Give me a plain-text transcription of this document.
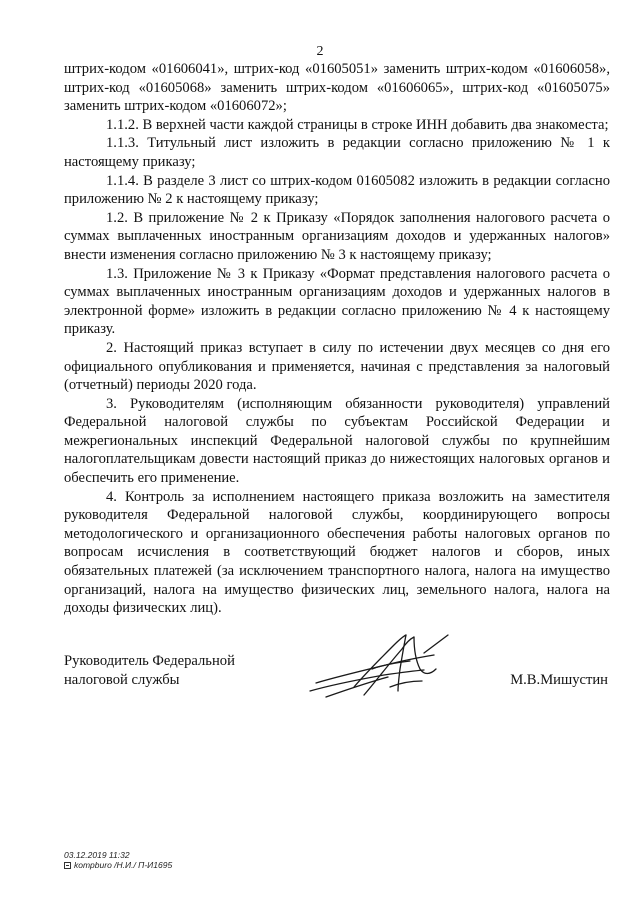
2

штрих-кодом «01606041», штрих-код «01605051» заменить штрих-кодом «01606058», штрих-код «01605068» заменить штрих-кодом «01606065», штрих-код «01605075» заменить штрих-кодом «01606072»;

1.1.2. В верхней части каждой страницы в строке ИНН добавить два знакоместа;

1.1.3. Титульный лист изложить в редакции согласно приложению № 1 к настоящему приказу;

1.1.4. В разделе 3 лист со штрих-кодом 01605082 изложить в редакции согласно приложению № 2 к настоящему приказу;

1.2. В приложение № 2 к Приказу «Порядок заполнения налогового расчета о суммах выплаченных иностранным организациям доходов и удержанных налогов» внести изменения согласно приложению № 3 к настоящему приказу;

1.3. Приложение № 3 к Приказу «Формат представления налогового расчета о суммах выплаченных иностранным организациям доходов и удержанных налогов в электронной форме» изложить в редакции согласно приложению № 4 к настоящему приказу.

2. Настоящий приказ вступает в силу по истечении двух месяцев со дня его официального опубликования и применяется, начиная с представления за налоговый (отчетный) периоды 2020 года.

3. Руководителям (исполняющим обязанности руководителя) управлений Федеральной налоговой службы по субъектам Российской Федерации и межрегиональных инспекций Федеральной налоговой службы по крупнейшим налогоплательщикам довести настоящий приказ до нижестоящих налоговых органов и обеспечить его применение.

4. Контроль за исполнением настоящего приказа возложить на заместителя руководителя Федеральной налоговой службы, координирующего вопросы методологического и организационного обеспечения работы налоговых органов по вопросам исчисления в соответствующий бюджет налогов и сборов, иных обязательных платежей (за исключением транспортного налога, налога на имущество организаций, налога на имущество физических лиц, земельного налога, налога на доходы физических лиц).

Руководитель Федеральной
налоговой службы	М.В.Мишустин
03.12.2019 11:32
kompburo /Н.И./ П-И1695
